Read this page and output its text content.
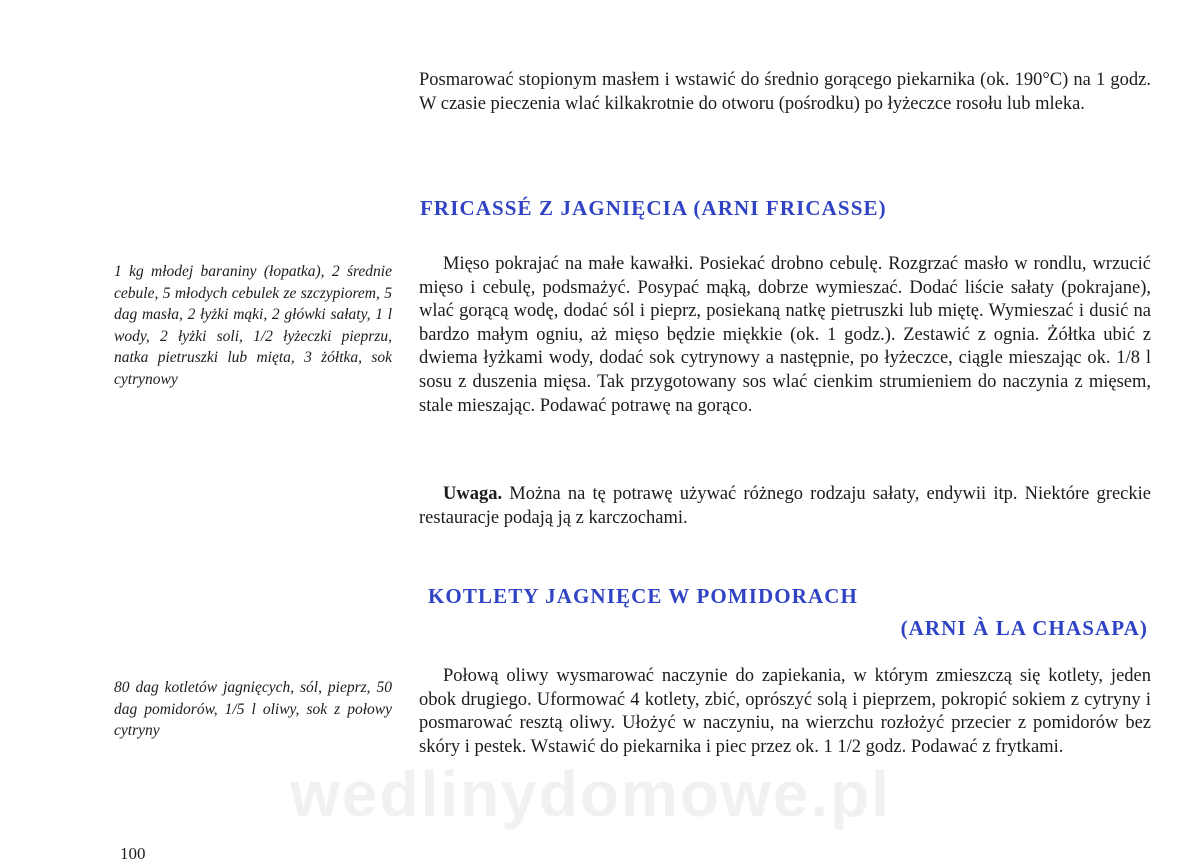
Posmarować stopionym masłem i wstawić do średnio gorącego piekarnika (ok. 190°C) na 1 godz. W czasie pieczenia wlać kilkakrotnie do otworu (pośrodku) po łyżeczce rosołu lub mleka.

FRICASSÉ Z JAGNIĘCIA (ARNI FRICASSE)

1 kg młodej baraniny (łopatka), 2 średnie cebule, 5 młodych cebulek ze szczypiorem, 5 dag masła, 2 łyżki mąki, 2 główki sałaty, 1 l wody, 2 łyżki soli, 1/2 łyżeczki pieprzu, natka pietruszki lub mięta, 3 żółtka, sok cytrynowy

Mięso pokrajać na małe kawałki. Posiekać drobno cebulę. Rozgrzać masło w rondlu, wrzucić mięso i cebulę, podsmażyć. Posypać mąką, dobrze wymieszać. Dodać liście sałaty (pokrajane), wlać gorącą wodę, dodać sól i pieprz, posiekaną natkę pietruszki lub miętę. Wymieszać i dusić na bardzo małym ogniu, aż mięso będzie miękkie (ok. 1 godz.). Zestawić z ognia. Żółtka ubić z dwiema łyżkami wody, dodać sok cytrynowy a następnie, po łyżeczce, ciągle mieszając ok. 1/8 l sosu z duszenia mięsa. Tak przygotowany sos wlać cienkim strumieniem do naczynia z mięsem, stale mieszając. Podawać potrawę na gorąco.

Uwaga. Można na tę potrawę używać różnego rodzaju sałaty, endywii itp. Niektóre greckie restauracje podają ją z karczochami.

KOTLETY JAGNIĘCE W POMIDORACH
(ARNI À LA CHASAPA)

80 dag kotletów jagnięcych, sól, pieprz, 50 dag pomidorów, 1/5 l oliwy, sok z połowy cytryny

Połową oliwy wysmarować naczynie do zapiekania, w którym zmieszczą się kotlety, jeden obok drugiego. Uformować 4 kotlety, zbić, oprószyć solą i pieprzem, pokropić sokiem z cytryny i posmarować resztą oliwy. Ułożyć w naczyniu, na wierzchu rozłożyć przecier z pomidorów bez skóry i pestek. Wstawić do piekarnika i piec przez ok. 1 1/2 godz. Podawać z frytkami.

100

wedlinydomowe.pl
